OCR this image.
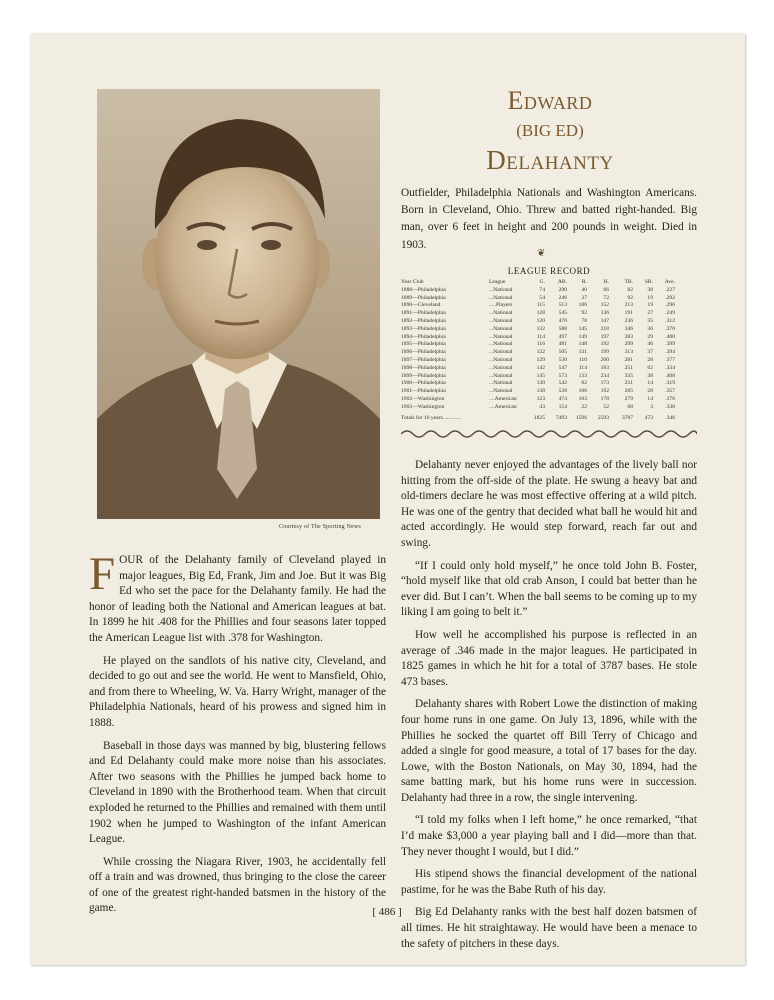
Courtesy of The Sporting News
Edward
(BIG ED)
Delahanty
Outfielder, Philadelphia Nationals and Washington Americans. Born in Cleveland, Ohio. Threw and batted right-handed. Big man, over 6 feet in height and 200 pounds in weight. Died in 1903.
❦
LEAGUE RECORD
Year Club	League	G.	AB.	R.	H.	TB.	SB.	Ave.
1888—Philadelphia	...National	74	290	40	66	82	38	.227
1889—Philadelphia	...National	54	246	37	72	92	19	.292
1890—Cleveland	.....Players	115	513	106	152	213	19	.296
1891—Philadelphia	...National	128	545	92	136	191	27	.249
1892—Philadelphia	...National	120	470	78	147	236	35	.312
1893—Philadelphia	...National	132	588	145	218	346	36	.370
1894—Philadelphia	...National	114	497	149	197	283	29	.400
1895—Philadelphia	...National	116	481	148	192	299	46	.399
1896—Philadelphia	...National	122	505	131	199	313	37	.394
1897—Philadelphia	...National	129	530	110	200	281	28	.377
1898—Philadelphia	...National	142	547	114	183	251	62	.334
1899—Philadelphia	...National	145	573	133	234	335	38	.408
1900—Philadelphia	...National	130	542	82	173	231	14	.319
1901—Philadelphia	...National	138	538	106	192	285	28	.357
1902—Washington	....American	123	474	103	178	279	14	.376
1903—Washington	....American	43	154	22	52	68	3	.338
Totals for 16 years.............	1825	7493	1596	2593	3787	473	.346

FOUR of the Delahanty family of Cleveland played in major leagues, Big Ed, Frank, Jim and Joe. But it was Big Ed who set the pace for the Delahanty family. He had the honor of leading both the National and American leagues at bat. In 1899 he hit .408 for the Phillies and four seasons later topped the American League list with .378 for Washington.

He played on the sandlots of his native city, Cleveland, and decided to go out and see the world. He went to Mansfield, Ohio, and from there to Wheeling, W. Va. Harry Wright, manager of the Philadelphia Nationals, heard of his prowess and signed him in 1888.

Baseball in those days was manned by big, blustering fellows and Ed Delahanty could make more noise than his associates. After two seasons with the Phillies he jumped back home to Cleveland in 1890 with the Brotherhood team. When that circuit exploded he returned to the Phillies and remained with them until 1902 when he jumped to Washington of the infant American League.

While crossing the Niagara River, 1903, he accidentally fell off a train and was drowned, thus bringing to the close the career of one of the greatest right-handed batsmen in the history of the game.

Delahanty never enjoyed the advantages of the lively ball nor hitting from the off-side of the plate. He swung a heavy bat and old-timers declare he was most effective offering at a wild pitch. He was one of the gentry that decided what ball he would hit and acted accordingly. He would step forward, reach far out and swing.

“If I could only hold myself,” he once told John B. Foster, “hold myself like that old crab Anson, I could bat better than he ever did. But I can’t. When the ball seems to be coming up to my liking I am going to belt it.”

How well he accomplished his purpose is reflected in an average of .346 made in the major leagues. He participated in 1825 games in which he hit for a total of 3787 bases. He stole 473 bases.

Delahanty shares with Robert Lowe the distinction of making four home runs in one game. On July 13, 1896, while with the Phillies he socked the quartet off Bill Terry of Chicago and added a single for good measure, a total of 17 bases for the day. Lowe, with the Boston Nationals, on May 30, 1894, had the same batting mark, but his home runs were in succession. Delahanty had three in a row, the single intervening.

“I told my folks when I left home,” he once remarked, “that I’d make $3,000 a year playing ball and I did—more than that. They never thought I would, but I did.”

His stipend shows the financial development of the national pastime, for he was the Babe Ruth of his day.

Big Ed Delahanty ranks with the best half dozen batsmen of all times. He hit straightaway. He would have been a menace to the safety of pitchers in these days.

[ 486 ]
